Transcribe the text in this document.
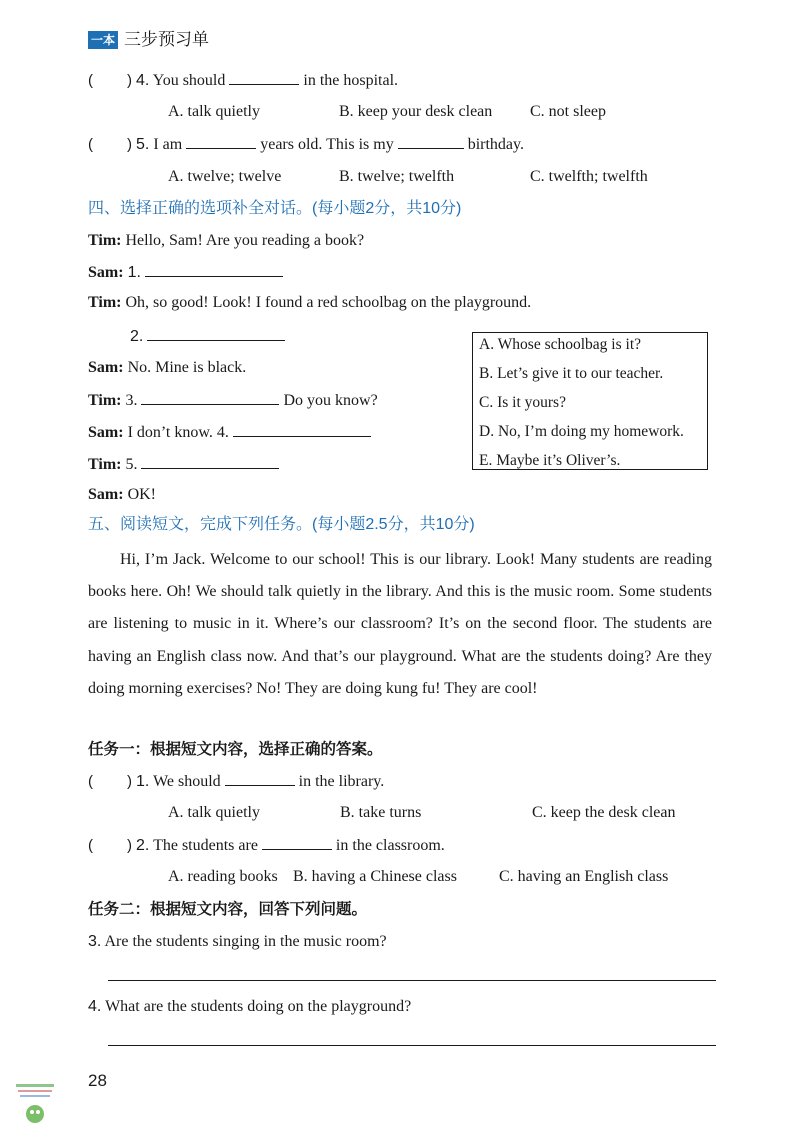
一本 三步预习单
( ) 4. You should	in the hospital.
A. talk quietly	B. keep your desk clean C. not sleep
( ) 5. I am	years old. This is my	birthday.
A. twelve; twelve	B. twelve; twelfth	C. twelfth; twelfth
四、选择正确的选项补全对话。(每小题2分，共10分)
Tim: Hello, Sam! Are you reading a book?
Sam: 1.
Tim: Oh, so good! Look! I found a red schoolbag on the playground.
2.
Sam: No. Mine is black.
Tim: 3.	Do you know?
Sam: I don’t know. 4.
Tim: 5.
Sam: OK!
A. Whose schoolbag is it?
B. Let’s give it to our teacher.
C. Is it yours?
D. No, I’m doing my homework.
E. Maybe it’s Oliver’s.
五、阅读短文，完成下列任务。(每小题2.5分，共10分)

Hi, I’m Jack. Welcome to our school! This is our library. Look! Many students are reading books here. Oh! We should talk quietly in the library. And this is the music room. Some students are listening to music in it. Where’s our classroom? It’s on the second floor. The students are having an English class now. And that’s our playground. What are the students doing? Are they doing morning exercises? No! They are doing kung fu! They are cool!

任务一：根据短文内容，选择正确的答案。
( ) 1. We should	in the library.
A. talk quietly	B. take turns	C. keep the desk clean
( ) 2. The students are	in the classroom.
A. reading books B. having a Chinese class	C. having an English class
任务二：根据短文内容，回答下列问题。
3. Are the students singing in the music room?
4. What are the students doing on the playground?
28
